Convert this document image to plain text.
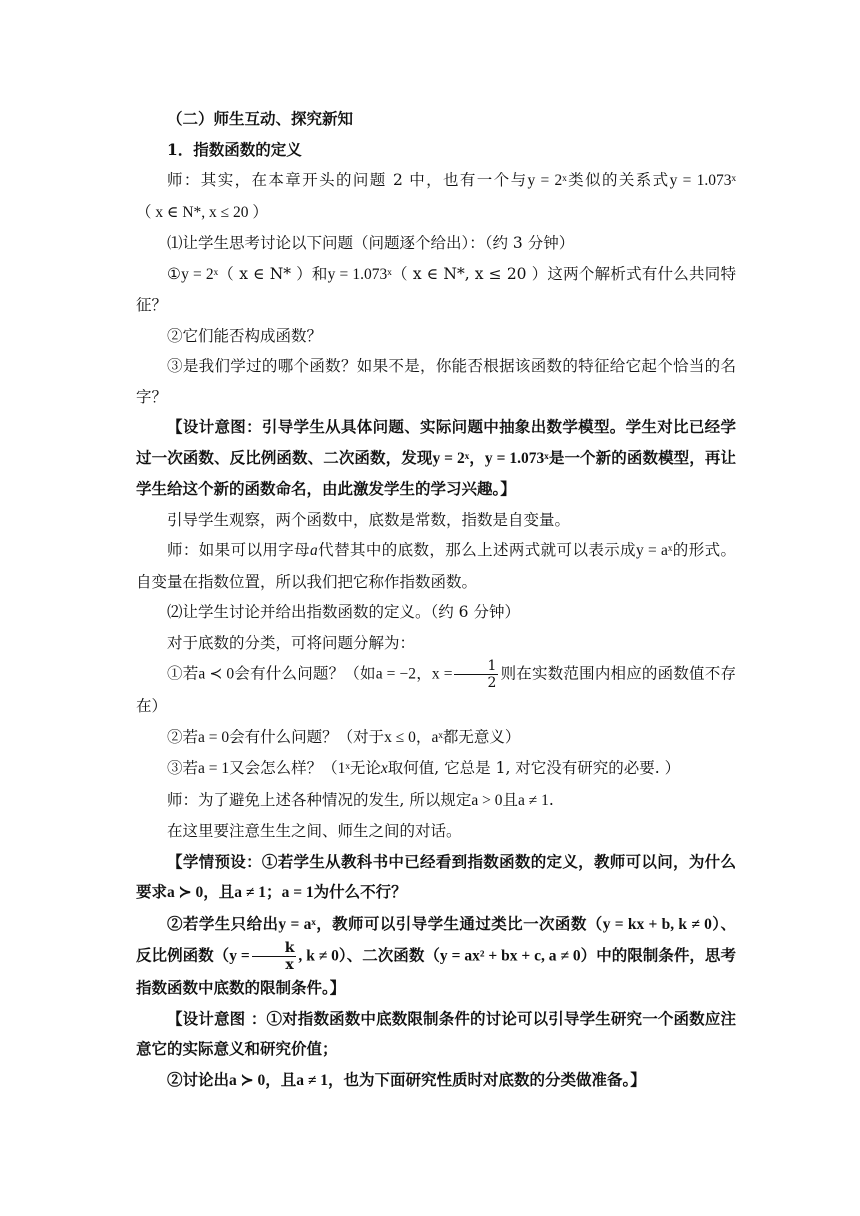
（二）师生互动、探究新知

1．指数函数的定义

师：其实，在本章开头的问题 2 中，也有一个与y = 2ˣ类似的关系式y = 1.073ˣ（ x ∈ N*, x ≤ 20 ）

⑴让学生思考讨论以下问题（问题逐个给出）：（约 3 分钟）

①y = 2ˣ（ x ∈ N* ）和y = 1.073ˣ（ x ∈ N*, x ≤ 20 ）这两个解析式有什么共同特征？

②它们能否构成函数？

③是我们学过的哪个函数？如果不是，你能否根据该函数的特征给它起个恰当的名字？

【设计意图：引导学生从具体问题、实际问题中抽象出数学模型。学生对比已经学过一次函数、反比例函数、二次函数，发现y = 2ˣ，y = 1.073ˣ是一个新的函数模型，再让学生给这个新的函数命名，由此激发学生的学习兴趣。】

引导学生观察，两个函数中，底数是常数，指数是自变量。

师：如果可以用字母a代替其中的底数，那么上述两式就可以表示成y = aˣ的形式。自变量在指数位置，所以我们把它称作指数函数。

⑵让学生讨论并给出指数函数的定义。（约 6 分钟）

对于底数的分类，可将问题分解为：

①若a ≺ 0会有什么问题？（如a = −2，$x = \frac{1}{2}$ 则在实数范围内相应的函数值不存在）

②若a = 0会有什么问题？（对于x ≤ 0，aˣ都无意义）

③若a = 1又会怎么样？（1ˣ无论x取何值, 它总是 1, 对它没有研究的必要. ）

师：为了避免上述各种情况的发生, 所以规定a > 0且a ≠ 1.

在这里要注意生生之间、师生之间的对话。

【学情预设：①若学生从教科书中已经看到指数函数的定义，教师可以问，为什么要求a ≻ 0，且a ≠ 1；a = 1为什么不行？

②若学生只给出y = aˣ，教师可以引导学生通过类比一次函数（y = kx + b, k ≠ 0）、反比例函数（$y = \frac{k}{x}$ , k ≠ 0）、二次函数（y = ax² + bx + c, a ≠ 0）中的限制条件，思考指数函数中底数的限制条件。】

【设计意图 ：①对指数函数中底数限制条件的讨论可以引导学生研究一个函数应注意它的实际意义和研究价值；

②讨论出a ≻ 0，且a ≠ 1，也为下面研究性质时对底数的分类做准备。】
